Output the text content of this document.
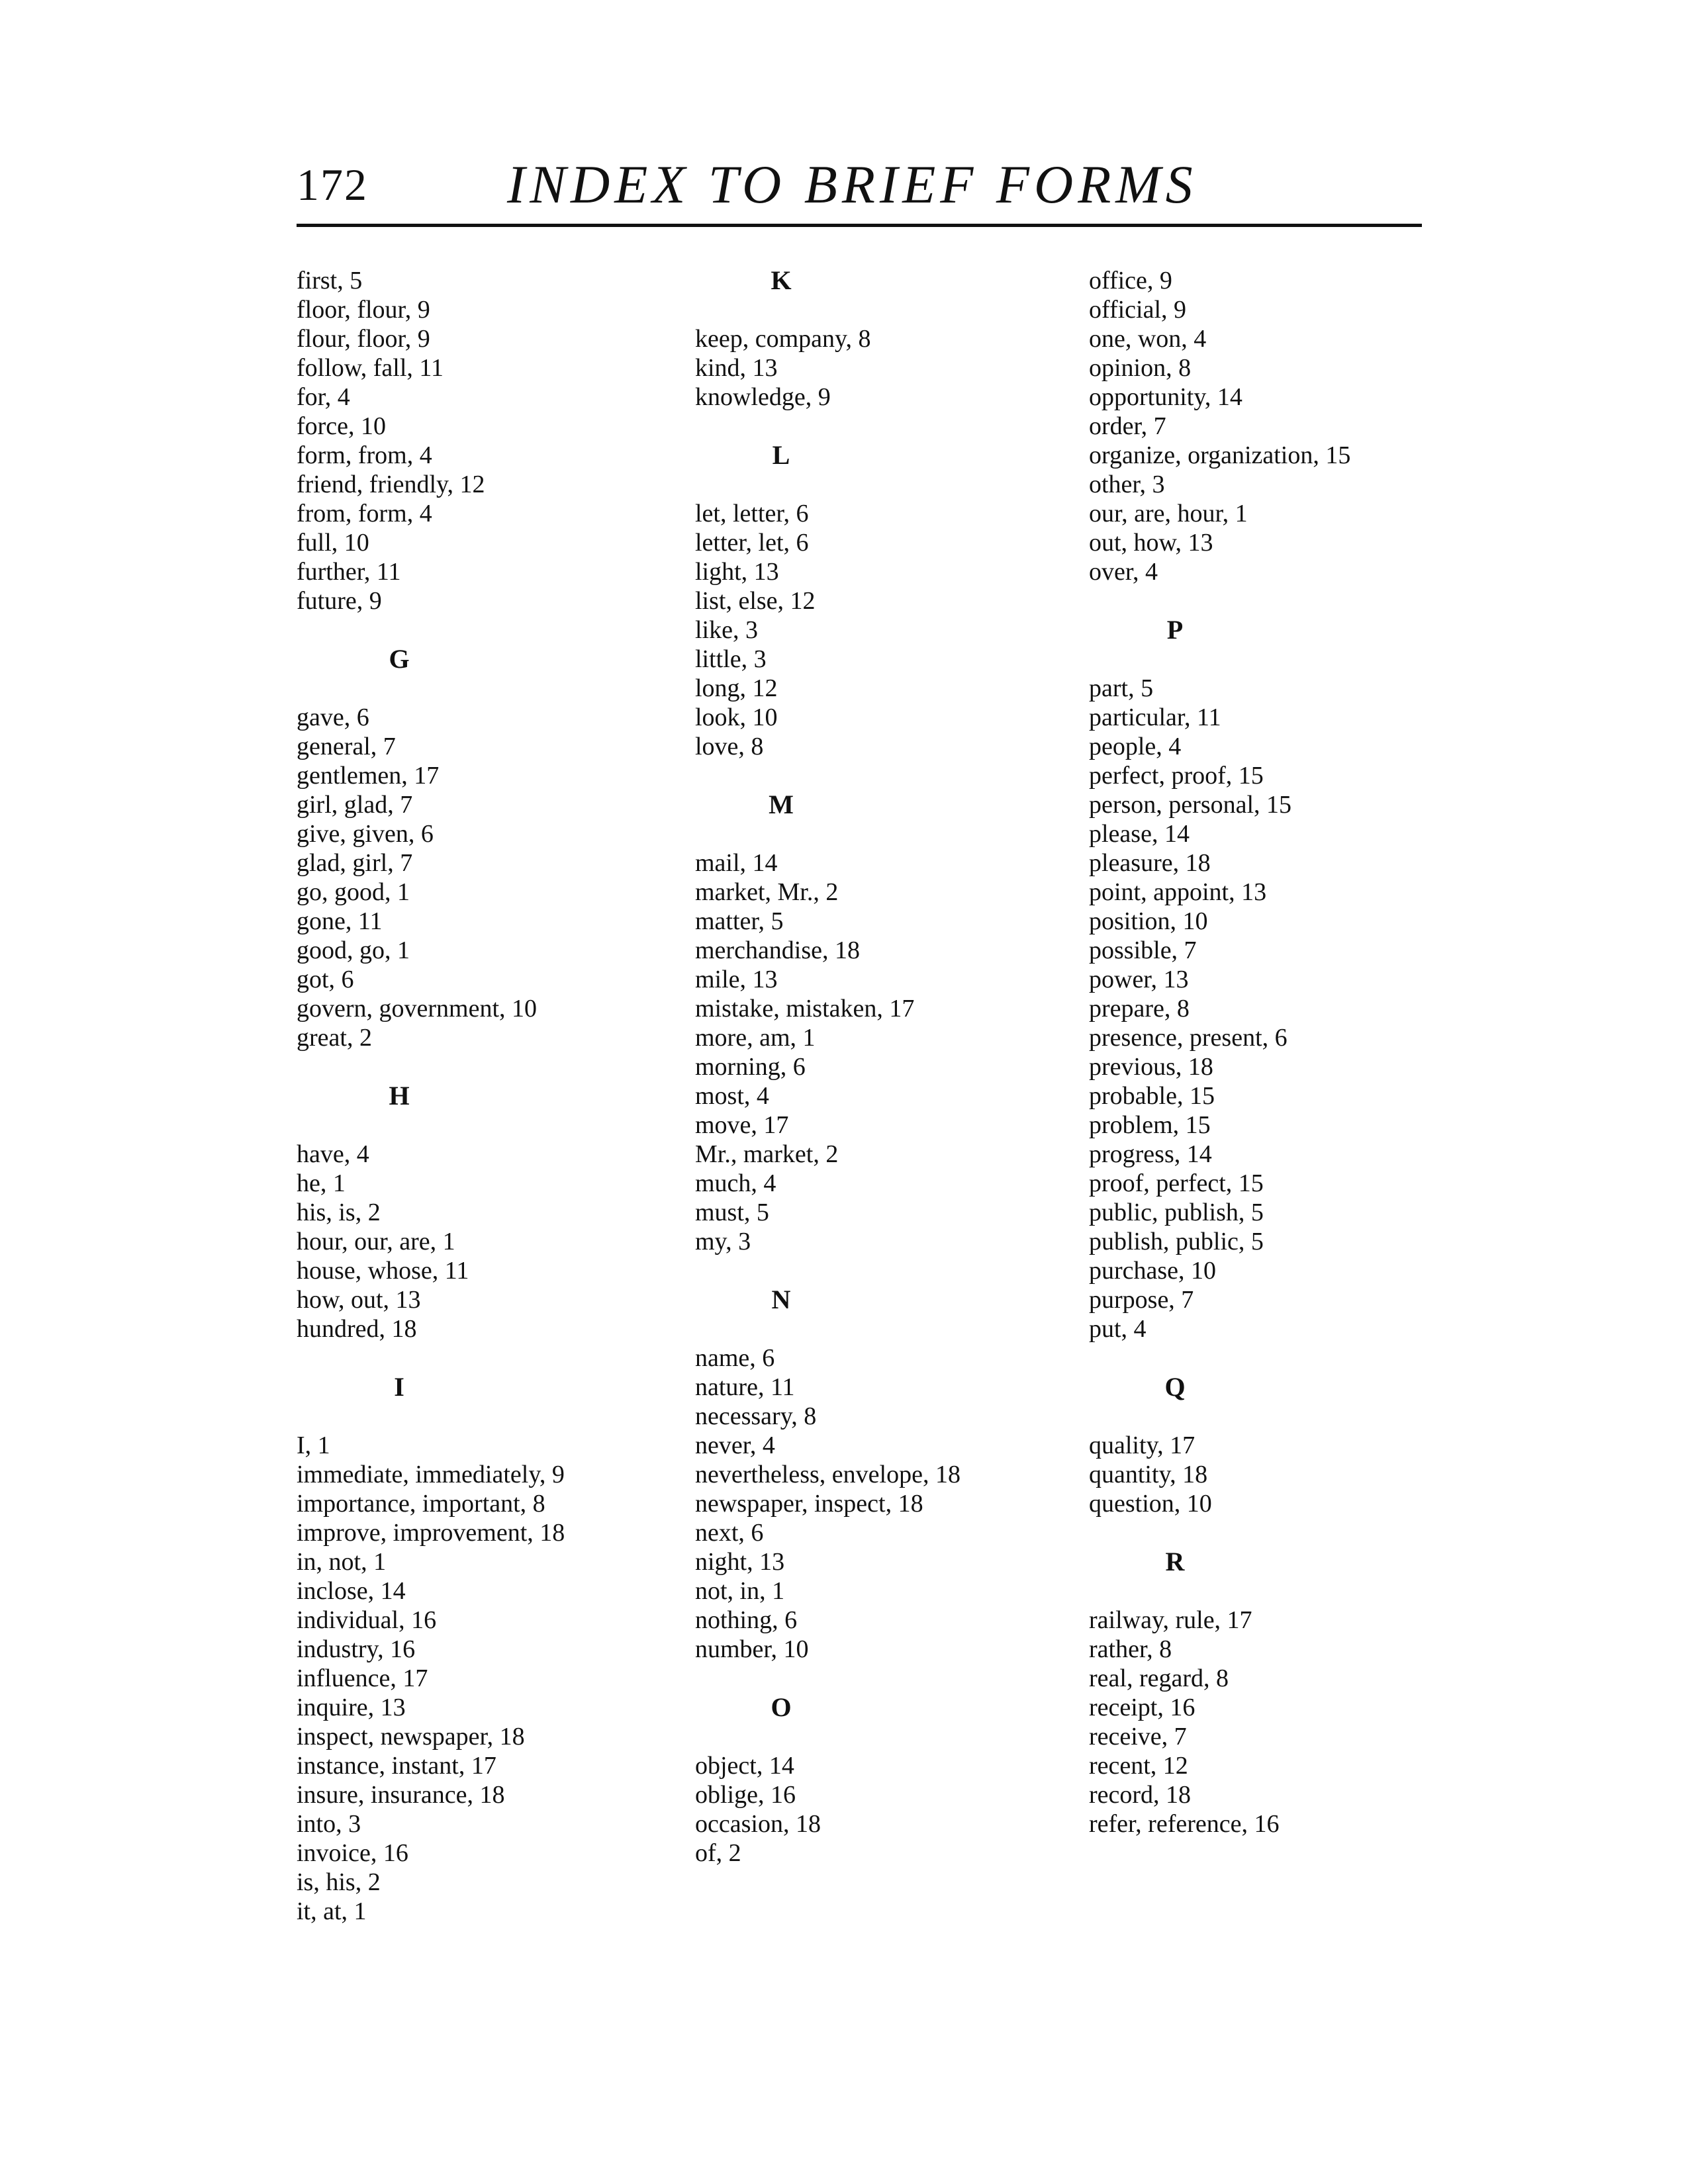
172	INDEX TO BRIEF FORMS
first, 5
floor, flour, 9
flour, floor, 9
follow, fall, 11
for, 4
force, 10
form, from, 4
friend, friendly, 12
from, form, 4
full, 10
further, 11
future, 9
G
gave, 6
general, 7
gentlemen, 17
girl, glad, 7
give, given, 6
glad, girl, 7
go, good, 1
gone, 11
good, go, 1
got, 6
govern, government, 10
great, 2
H
have, 4
he, 1
his, is, 2
hour, our, are, 1
house, whose, 11
how, out, 13
hundred, 18
I
I, 1
immediate, immediately, 9
importance, important, 8
improve, improvement, 18
in, not, 1
inclose, 14
individual, 16
industry, 16
influence, 17
inquire, 13
inspect, newspaper, 18
instance, instant, 17
insure, insurance, 18
into, 3
invoice, 16
is, his, 2
it, at, 1
K
keep, company, 8
kind, 13
knowledge, 9
L
let, letter, 6
letter, let, 6
light, 13
list, else, 12
like, 3
little, 3
long, 12
look, 10
love, 8
M
mail, 14
market, Mr., 2
matter, 5
merchandise, 18
mile, 13
mistake, mistaken, 17
more, am, 1
morning, 6
most, 4
move, 17
Mr., market, 2
much, 4
must, 5
my, 3
N
name, 6
nature, 11
necessary, 8
never, 4
nevertheless, envelope, 18
newspaper, inspect, 18
next, 6
night, 13
not, in, 1
nothing, 6
number, 10
O
object, 14
oblige, 16
occasion, 18
of, 2
office, 9
official, 9
one, won, 4
opinion, 8
opportunity, 14
order, 7
organize, organization, 15
other, 3
our, are, hour, 1
out, how, 13
over, 4
P
part, 5
particular, 11
people, 4
perfect, proof, 15
person, personal, 15
please, 14
pleasure, 18
point, appoint, 13
position, 10
possible, 7
power, 13
prepare, 8
presence, present, 6
previous, 18
probable, 15
problem, 15
progress, 14
proof, perfect, 15
public, publish, 5
publish, public, 5
purchase, 10
purpose, 7
put, 4
Q
quality, 17
quantity, 18
question, 10
R
railway, rule, 17
rather, 8
real, regard, 8
receipt, 16
receive, 7
recent, 12
record, 18
refer, reference, 16
